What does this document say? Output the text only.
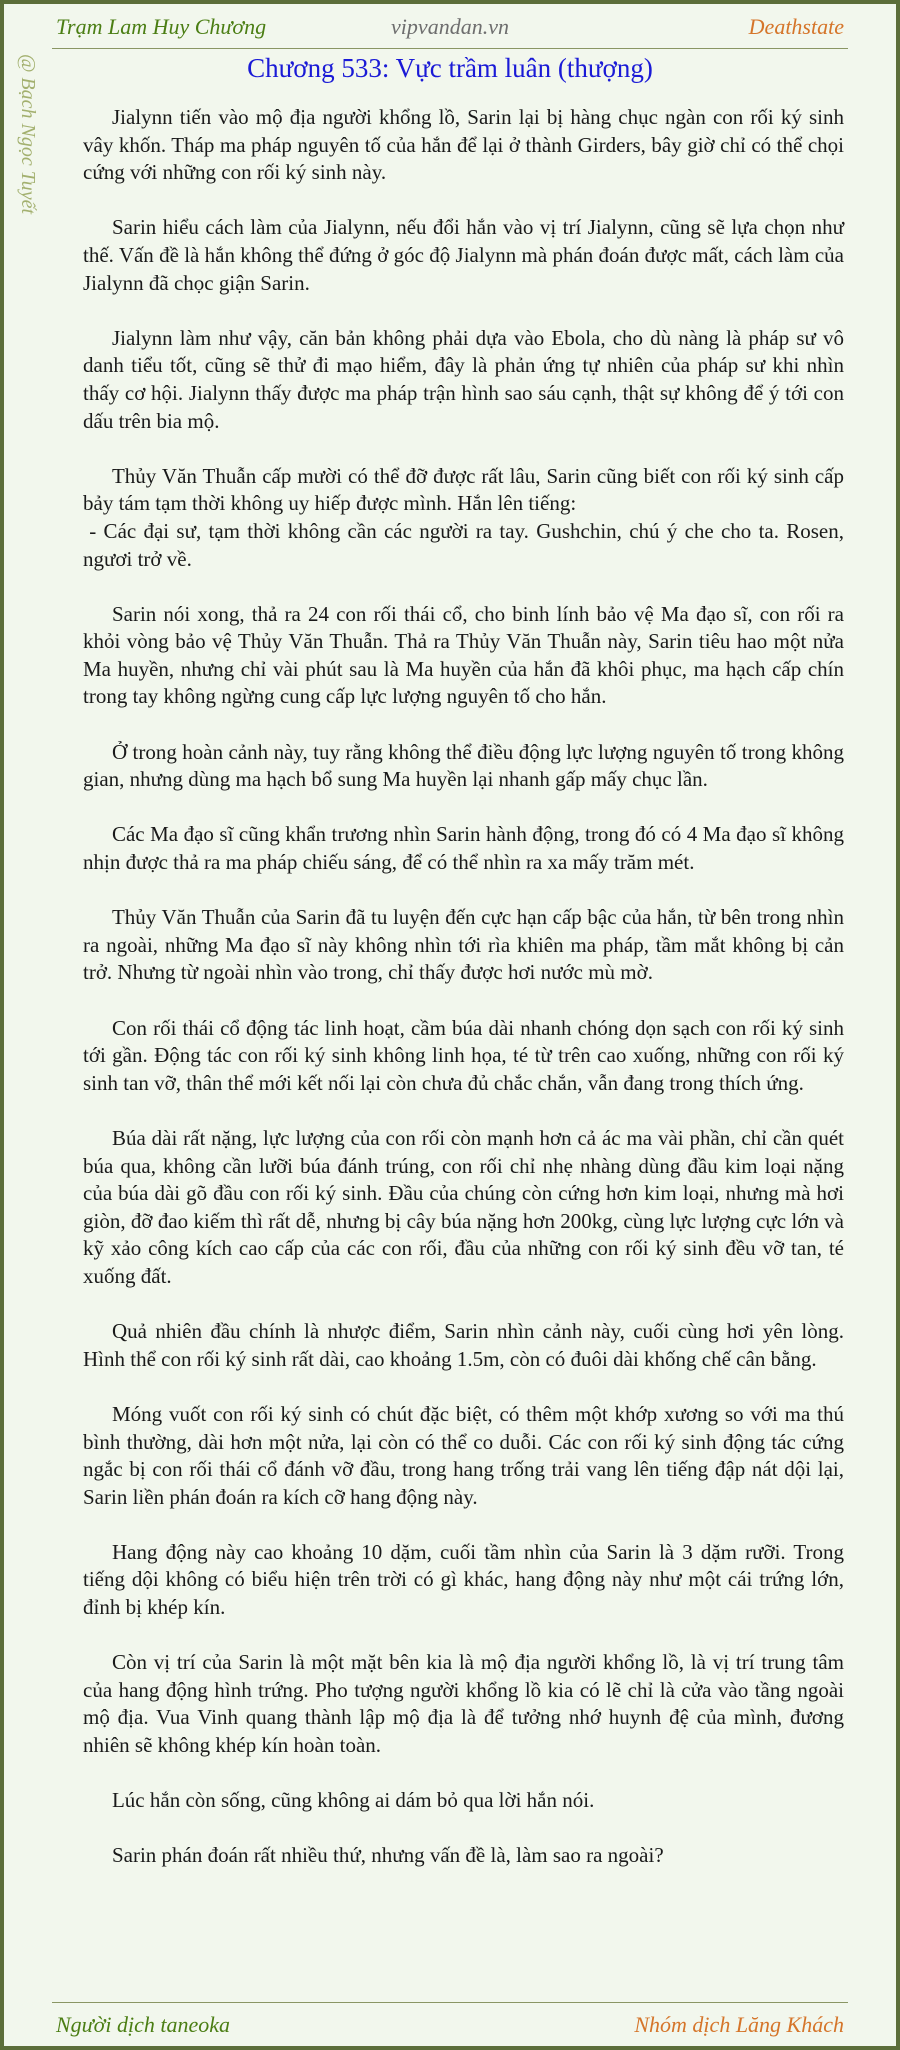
Trạm Lam Huy Chương	vipvandan.vn	Deathstate
@ Bạch Ngọc Tuyết	Chương 533: Vực trầm luân (thượng)

Jialynn tiến vào mộ địa người khổng lồ, Sarin lại bị hàng chục ngàn con rối ký sinh vây khốn. Tháp ma pháp nguyên tố của hắn để lại ở thành Girders, bây giờ chỉ có thể chọi cứng với những con rối ký sinh này.

Sarin hiểu cách làm của Jialynn, nếu đổi hắn vào vị trí Jialynn, cũng sẽ lựa chọn như thế. Vấn đề là hắn không thể đứng ở góc độ Jialynn mà phán đoán được mất, cách làm của Jialynn đã chọc giận Sarin.

Jialynn làm như vậy, căn bản không phải dựa vào Ebola, cho dù nàng là pháp sư vô danh tiểu tốt, cũng sẽ thử đi mạo hiểm, đây là phản ứng tự nhiên của pháp sư khi nhìn thấy cơ hội. Jialynn thấy được ma pháp trận hình sao sáu cạnh, thật sự không để ý tới con dấu trên bia mộ.

Thủy Văn Thuẫn cấp mười có thể đỡ được rất lâu, Sarin cũng biết con rối ký sinh cấp bảy tám tạm thời không uy hiếp được mình. Hắn lên tiếng:

- Các đại sư, tạm thời không cần các người ra tay. Gushchin, chú ý che cho ta. Rosen, ngươi trở về.

Sarin nói xong, thả ra 24 con rối thái cổ, cho binh lính bảo vệ Ma đạo sĩ, con rối ra khỏi vòng bảo vệ Thủy Văn Thuẫn. Thả ra Thủy Văn Thuẫn này, Sarin tiêu hao một nửa Ma huyền, nhưng chỉ vài phút sau là Ma huyền của hắn đã khôi phục, ma hạch cấp chín trong tay không ngừng cung cấp lực lượng nguyên tố cho hắn.

Ở trong hoàn cảnh này, tuy rằng không thể điều động lực lượng nguyên tố trong không gian, nhưng dùng ma hạch bổ sung Ma huyền lại nhanh gấp mấy chục lần.

Các Ma đạo sĩ cũng khẩn trương nhìn Sarin hành động, trong đó có 4 Ma đạo sĩ không nhịn được thả ra ma pháp chiếu sáng, để có thể nhìn ra xa mấy trăm mét.

Thủy Văn Thuẫn của Sarin đã tu luyện đến cực hạn cấp bậc của hắn, từ bên trong nhìn ra ngoài, những Ma đạo sĩ này không nhìn tới rìa khiên ma pháp, tầm mắt không bị cản trở. Nhưng từ ngoài nhìn vào trong, chỉ thấy được hơi nước mù mờ.

Con rối thái cổ động tác linh hoạt, cầm búa dài nhanh chóng dọn sạch con rối ký sinh tới gần. Động tác con rối ký sinh không linh họa, té từ trên cao xuống, những con rối ký sinh tan vỡ, thân thể mới kết nối lại còn chưa đủ chắc chắn, vẫn đang trong thích ứng.

Búa dài rất nặng, lực lượng của con rối còn mạnh hơn cả ác ma vài phần, chỉ cần quét búa qua, không cần lưỡi búa đánh trúng, con rối chỉ nhẹ nhàng dùng đầu kim loại nặng của búa dài gõ đầu con rối ký sinh. Đầu của chúng còn cứng hơn kim loại, nhưng mà hơi giòn, đỡ đao kiếm thì rất dễ, nhưng bị cây búa nặng hơn 200kg, cùng lực lượng cực lớn và kỹ xảo công kích cao cấp của các con rối, đầu của những con rối ký sinh đều vỡ tan, té xuống đất.

Quả nhiên đầu chính là nhược điểm, Sarin nhìn cảnh này, cuối cùng hơi yên lòng. Hình thể con rối ký sinh rất dài, cao khoảng 1.5m, còn có đuôi dài khống chế cân bằng.

Móng vuốt con rối ký sinh có chút đặc biệt, có thêm một khớp xương so với ma thú bình thường, dài hơn một nửa, lại còn có thể co duỗi. Các con rối ký sinh động tác cứng ngắc bị con rối thái cổ đánh vỡ đầu, trong hang trống trải vang lên tiếng đập nát dội lại, Sarin liền phán đoán ra kích cỡ hang động này.

Hang động này cao khoảng 10 dặm, cuối tầm nhìn của Sarin là 3 dặm rưỡi. Trong tiếng dội không có biểu hiện trên trời có gì khác, hang động này như một cái trứng lớn, đỉnh bị khép kín.

Còn vị trí của Sarin là một mặt bên kia là mộ địa người khổng lồ, là vị trí trung tâm của hang động hình trứng. Pho tượng người khổng lồ kia có lẽ chỉ là cửa vào tầng ngoài mộ địa. Vua Vinh quang thành lập mộ địa là để tưởng nhớ huynh đệ của mình, đương nhiên sẽ không khép kín hoàn toàn.

Lúc hắn còn sống, cũng không ai dám bỏ qua lời hắn nói.

Sarin phán đoán rất nhiều thứ, nhưng vấn đề là, làm sao ra ngoài?

Người dịch taneoka	Nhóm dịch Lăng Khách
